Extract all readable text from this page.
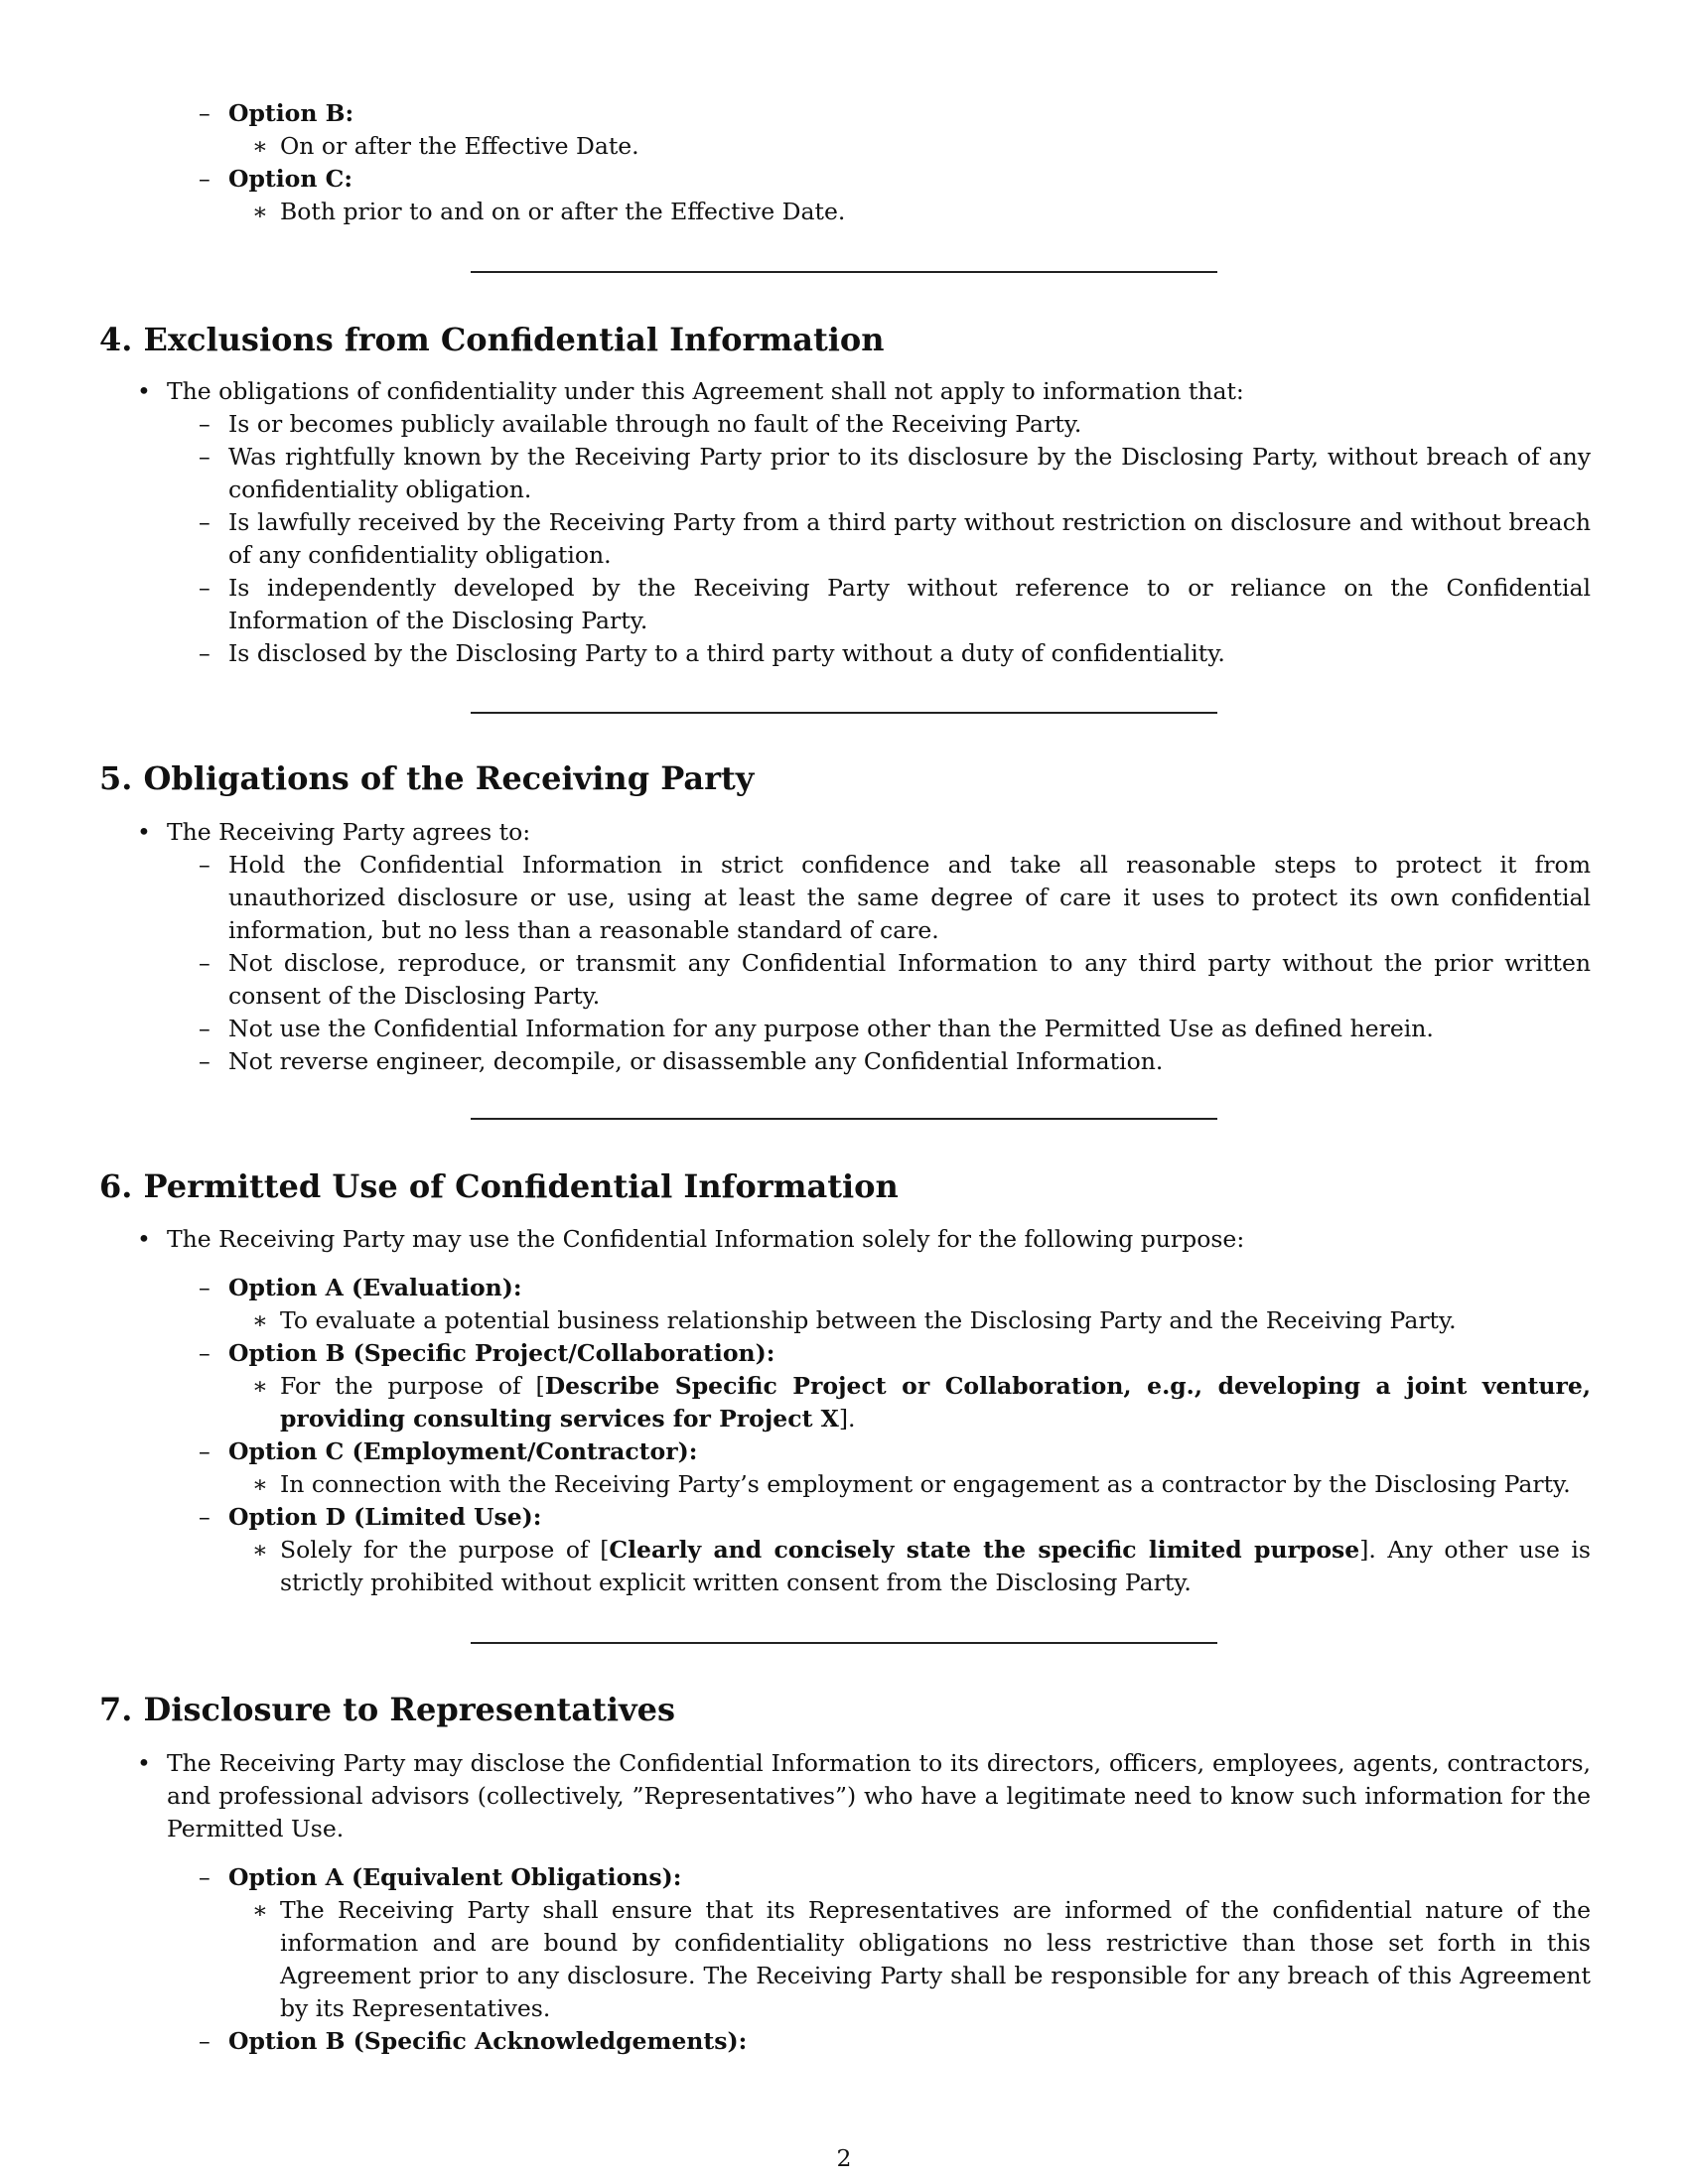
– Option B:
∗ On or after the Effective Date.
– Option C:
∗ Both prior to and on or after the Effective Date.
4. Exclusions from Confidential Information
• The obligations of confidentiality under this Agreement shall not apply to information that:
– Is or becomes publicly available through no fault of the Receiving Party.
– Was rightfully known by the Receiving Party prior to its disclosure by the Disclosing Party, without breach of any confidentiality obligation.
– Is lawfully received by the Receiving Party from a third party without restriction on disclosure and without breach of any confidentiality obligation.
– Is independently developed by the Receiving Party without reference to or reliance on the Confidential Information of the Disclosing Party.
– Is disclosed by the Disclosing Party to a third party without a duty of confidentiality.
5. Obligations of the Receiving Party
• The Receiving Party agrees to:
– Hold the Confidential Information in strict confidence and take all reasonable steps to protect it from unauthorized disclosure or use, using at least the same degree of care it uses to protect its own confidential information, but no less than a reasonable standard of care.
– Not disclose, reproduce, or transmit any Confidential Information to any third party without the prior written consent of the Disclosing Party.
– Not use the Confidential Information for any purpose other than the Permitted Use as defined herein.
– Not reverse engineer, decompile, or disassemble any Confidential Information.
6. Permitted Use of Confidential Information
• The Receiving Party may use the Confidential Information solely for the following purpose:
– Option A (Evaluation):
∗ To evaluate a potential business relationship between the Disclosing Party and the Receiving Party.
– Option B (Specific Project/Collaboration):
∗ For the purpose of [Describe Specific Project or Collaboration, e.g., developing a joint venture, providing consulting services for Project X].
– Option C (Employment/Contractor):
∗ In connection with the Receiving Party’s employment or engagement as a contractor by the Disclosing Party.
– Option D (Limited Use):
∗ Solely for the purpose of [Clearly and concisely state the specific limited purpose]. Any other use is strictly prohibited without explicit written consent from the Disclosing Party.
7. Disclosure to Representatives
• The Receiving Party may disclose the Confidential Information to its directors, officers, employees, agents, contractors, and professional advisors (collectively, ”Representatives”) who have a legitimate need to know such information for the Permitted Use.
– Option A (Equivalent Obligations):
∗ The Receiving Party shall ensure that its Representatives are informed of the confidential nature of the information and are bound by confidentiality obligations no less restrictive than those set forth in this Agreement prior to any disclosure. The Receiving Party shall be responsible for any breach of this Agreement by its Representatives.
– Option B (Specific Acknowledgements):
2
